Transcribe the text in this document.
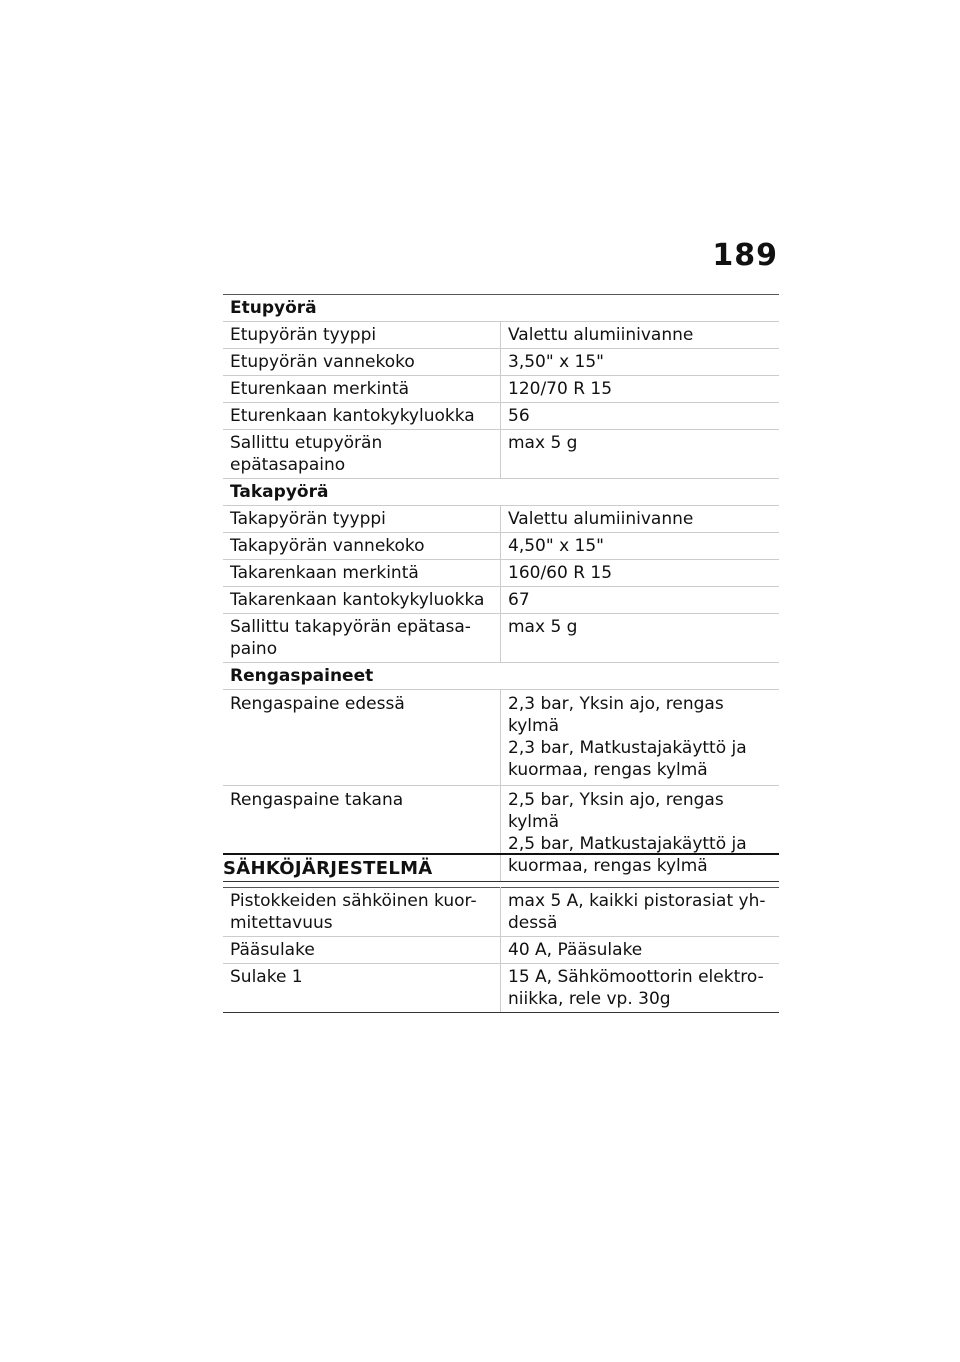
189
Etupyörä	
Etupyörän tyyppi	Valettu alumiinivanne
Etupyörän vannekoko	3,50" x 15"
Eturenkaan merkintä	120/70 R 15
Eturenkaan kantokykyluokka	56
Sallittu etupyörän epätasapaino	max 5 g
Takapyörä	
Takapyörän tyyppi	Valettu alumiinivanne
Takapyörän vannekoko	4,50" x 15"
Takarenkaan merkintä	160/60 R 15
Takarenkaan kantokykyluokka	67
Sallittu takapyörän epätasa-
paino	max 5 g
Rengaspaineet	
Rengaspaine edessä	2,3 bar, Yksin ajo, rengas
kylmä
2,3 bar, Matkustajakäyttö ja
kuormaa, rengas kylmä
Rengaspaine takana	2,5 bar, Yksin ajo, rengas
kylmä
2,5 bar, Matkustajakäyttö ja
kuormaa, rengas kylmä
SÄHKÖJÄRJESTELMÄ
Pistokkeiden sähköinen kuor-
mitettavuus	max 5 A, kaikki pistorasiat yh-
dessä
Pääsulake	40 A, Pääsulake
Sulake 1	15 A, Sähkömoottorin elektro-
niikka, rele vp. 30g
